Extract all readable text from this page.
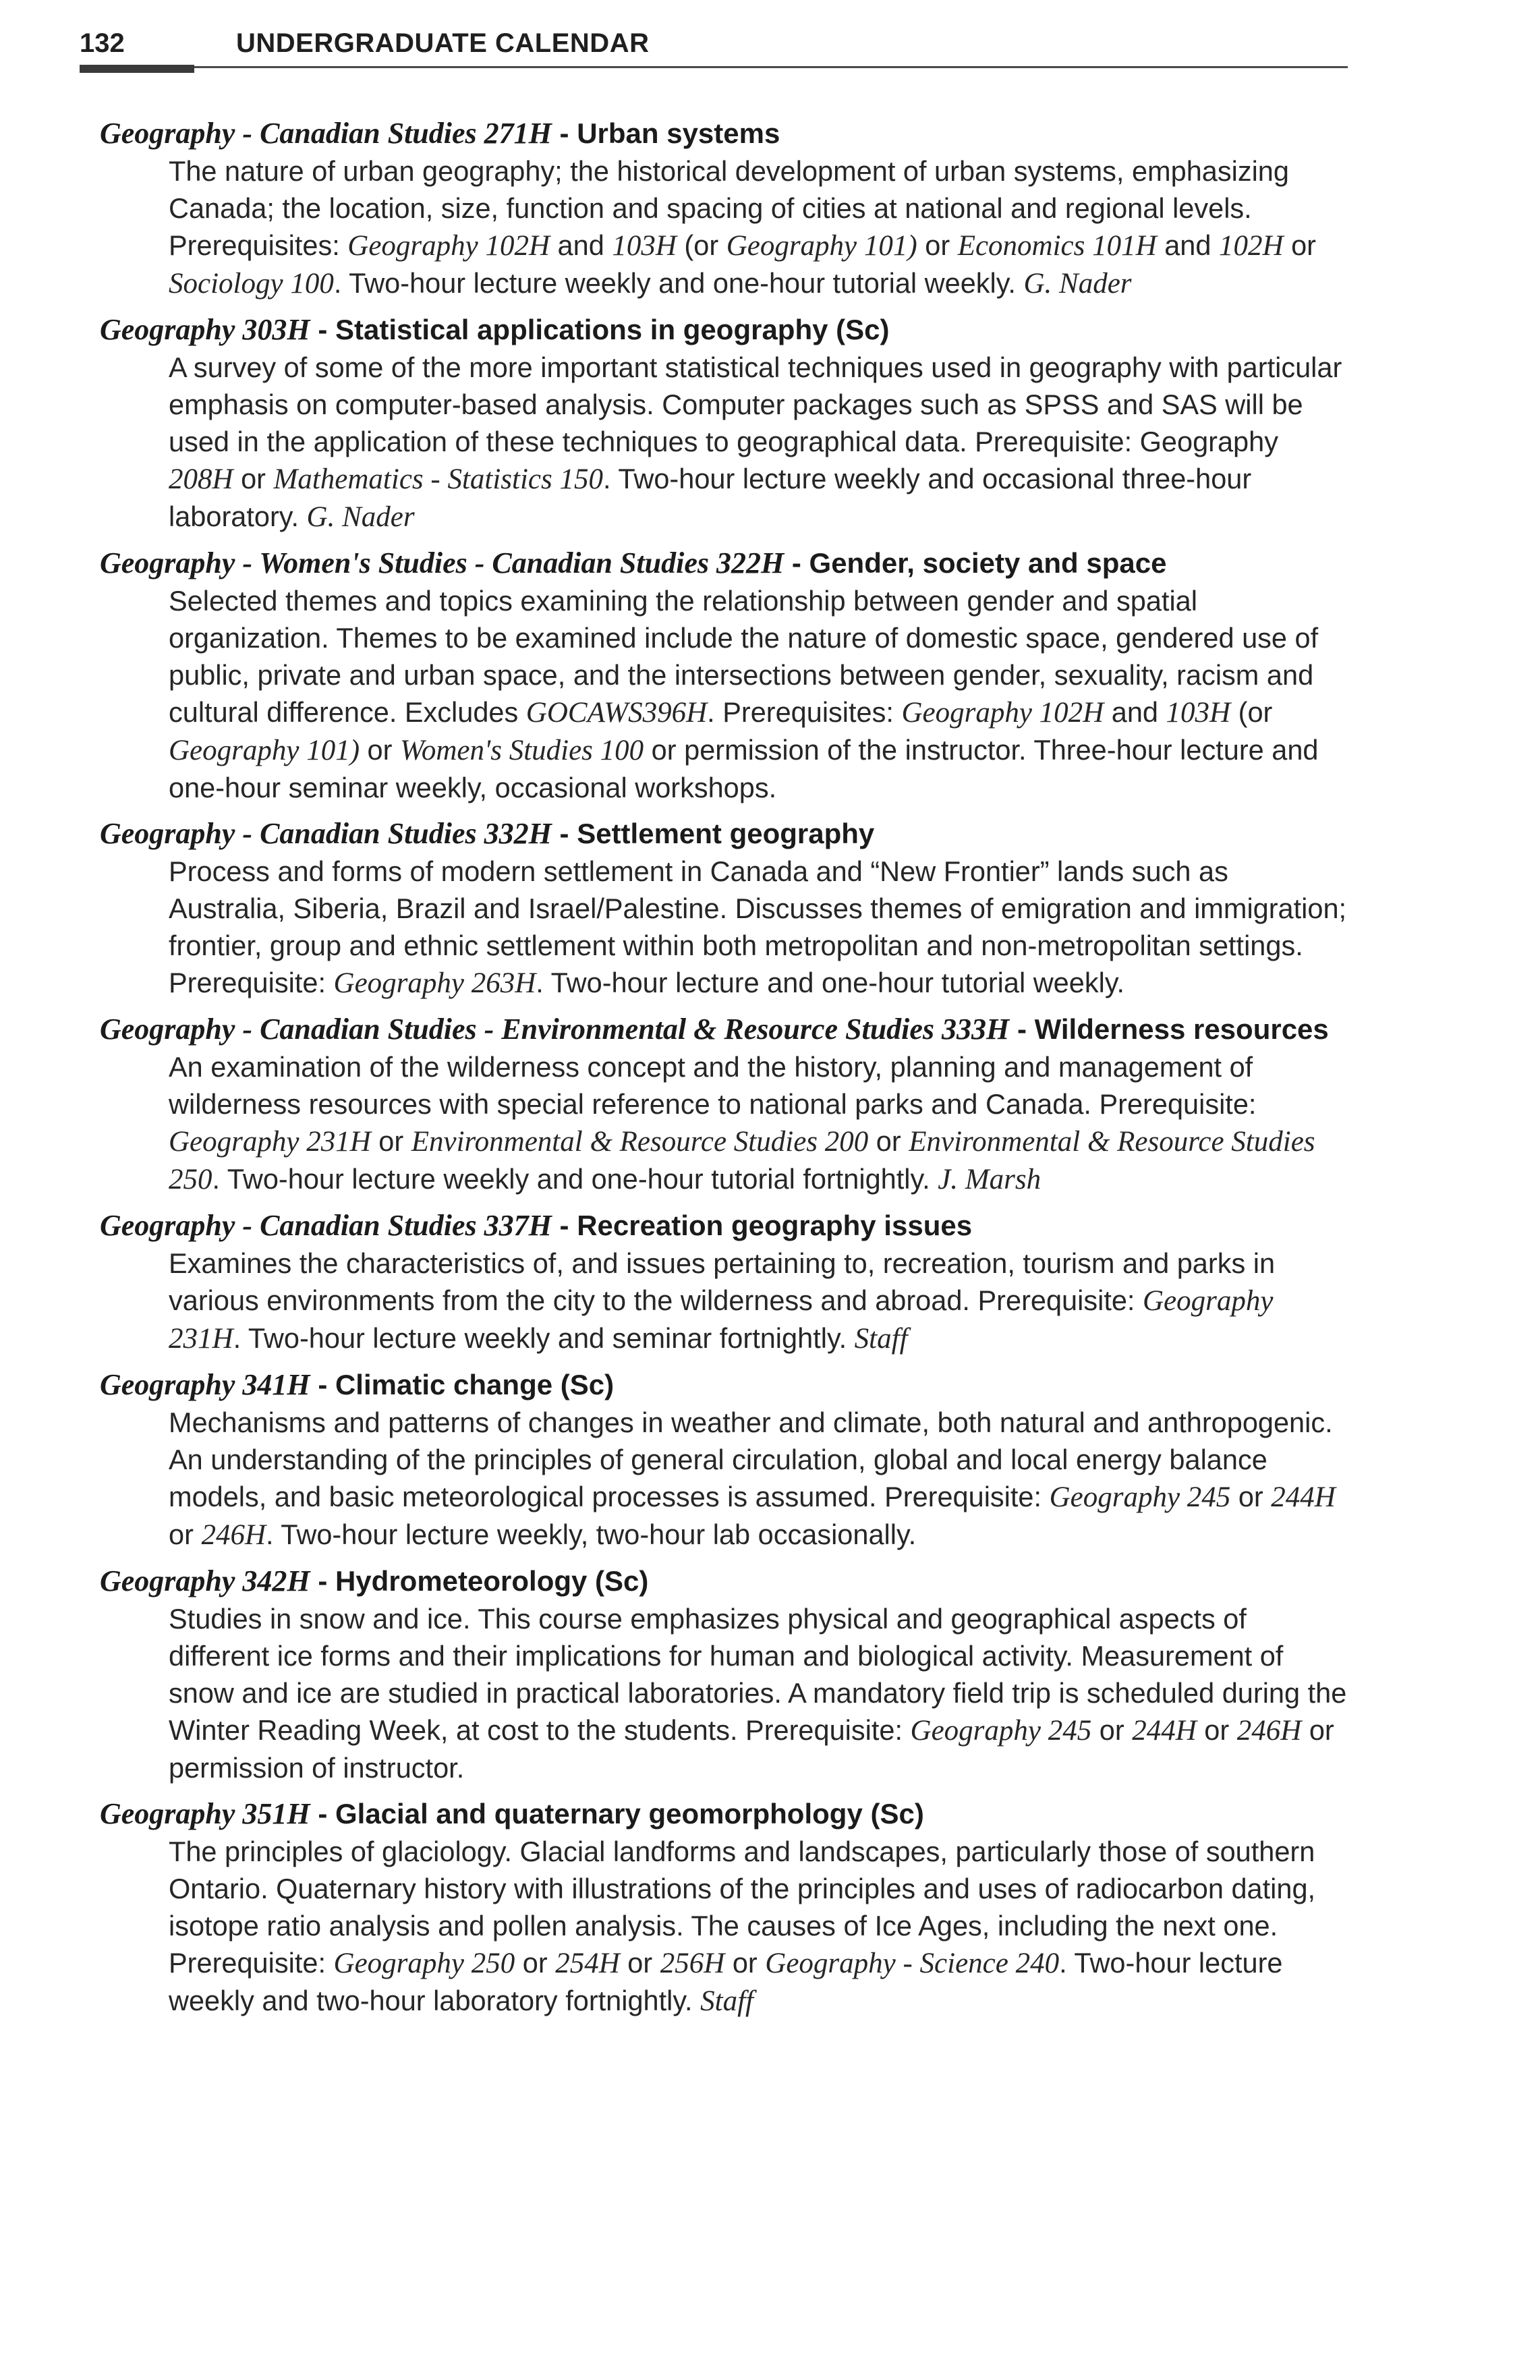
132	UNDERGRADUATE CALENDAR
Geography - Canadian Studies 271H - Urban systems
The nature of urban geography; the historical development of urban systems, emphasizing Canada; the location, size, function and spacing of cities at national and regional levels. Prerequisites: Geography 102H and 103H (or Geography 101) or Economics 101H and 102H or Sociology 100. Two-hour lecture weekly and one-hour tutorial weekly. G. Nader
Geography 303H - Statistical applications in geography (Sc)
A survey of some of the more important statistical techniques used in geography with particular emphasis on computer-based analysis. Computer packages such as SPSS and SAS will be used in the application of these techniques to geographical data. Prerequisite: Geography 208H or Mathematics - Statistics 150. Two-hour lecture weekly and occasional three-hour laboratory. G. Nader
Geography - Women's Studies - Canadian Studies 322H - Gender, society and space
Selected themes and topics examining the relationship between gender and spatial organization. Themes to be examined include the nature of domestic space, gendered use of public, private and urban space, and the intersections between gender, sexuality, racism and cultural difference. Excludes GOCAWS396H. Prerequisites: Geography 102H and 103H (or Geography 101) or Women's Studies 100 or permission of the instructor. Three-hour lecture and one-hour seminar weekly, occasional workshops.
Geography - Canadian Studies 332H - Settlement geography
Process and forms of modern settlement in Canada and “New Frontier” lands such as Australia, Siberia, Brazil and Israel/Palestine. Discusses themes of emigration and immigration; frontier, group and ethnic settlement within both metropolitan and non-metropolitan settings. Prerequisite: Geography 263H. Two-hour lecture and one-hour tutorial weekly.
Geography - Canadian Studies - Environmental & Resource Studies 333H - Wilderness resources
An examination of the wilderness concept and the history, planning and management of wilderness resources with special reference to national parks and Canada. Prerequisite: Geography 231H or Environmental & Resource Studies 200 or Environmental & Resource Studies 250. Two-hour lecture weekly and one-hour tutorial fortnightly. J. Marsh
Geography - Canadian Studies 337H - Recreation geography issues
Examines the characteristics of, and issues pertaining to, recreation, tourism and parks in various environments from the city to the wilderness and abroad. Prerequisite: Geography 231H. Two-hour lecture weekly and seminar fortnightly. Staff
Geography 341H - Climatic change (Sc)
Mechanisms and patterns of changes in weather and climate, both natural and anthropogenic. An understanding of the principles of general circulation, global and local energy balance models, and basic meteorological processes is assumed. Prerequisite: Geography 245 or 244H or 246H. Two-hour lecture weekly, two-hour lab occasionally.
Geography 342H - Hydrometeorology (Sc)
Studies in snow and ice. This course emphasizes physical and geographical aspects of different ice forms and their implications for human and biological activity. Measurement of snow and ice are studied in practical laboratories. A mandatory field trip is scheduled during the Winter Reading Week, at cost to the students. Prerequisite: Geography 245 or 244H or 246H or permission of instructor.
Geography 351H - Glacial and quaternary geomorphology (Sc)
The principles of glaciology. Glacial landforms and landscapes, particularly those of southern Ontario. Quaternary history with illustrations of the principles and uses of radiocarbon dating, isotope ratio analysis and pollen analysis. The causes of Ice Ages, including the next one. Prerequisite: Geography 250 or 254H or 256H or Geography - Science 240. Two-hour lecture weekly and two-hour laboratory fortnightly. Staff
